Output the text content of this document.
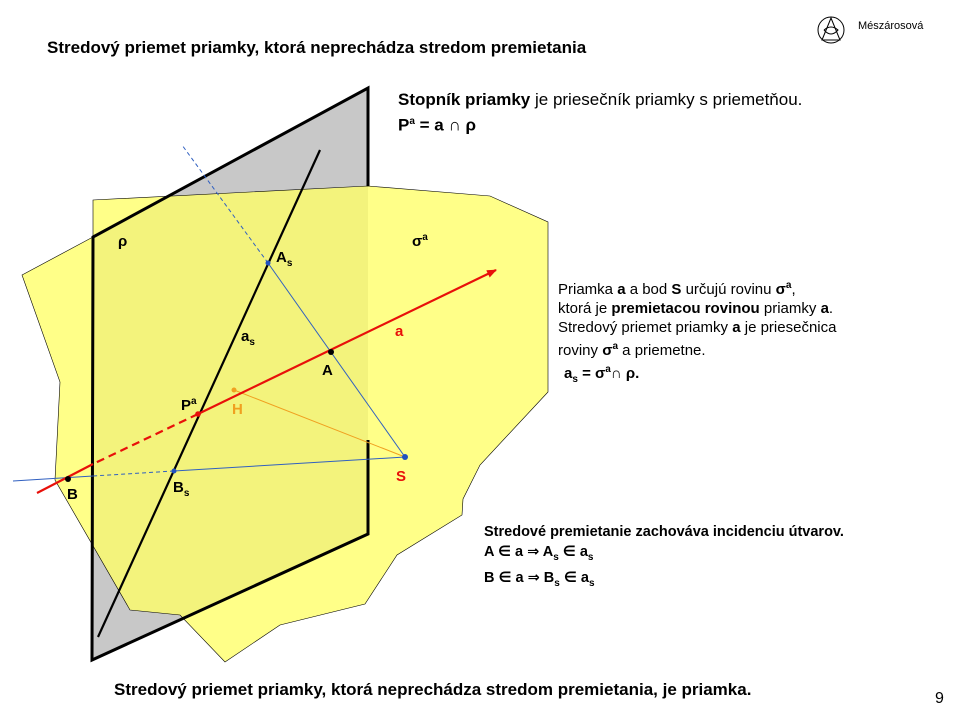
Mészárosová
Stredový priemet priamky, ktorá neprechádza stredom premietania
Stopník priamky je priesečník priamky s priemetňou.
$P^a = a$ ∩ ρ
Priamka a a bod S určujú rovinu $\sigma^a$,
ktorá je premietacou rovinou priamky a.
Stredový priemet priamky a je priesečnica
roviny $\sigma^a$ a priemetne.
$a_s$ = $\sigma^a\cap$ ρ.
Stredové premietanie zachováva incidenciu útvarov.
A ∈ a ⇒ $A_s$ ∈ $a_s$
B ∈ a ⇒ $B_s$ ∈ $a_s$
ρ	$\sigma^a$
$A_s$
$a_s$
a
A
$P^a$ H
S
$B_s$
B
Stredový priemet priamky, ktorá neprechádza stredom premietania, je priamka.	9
